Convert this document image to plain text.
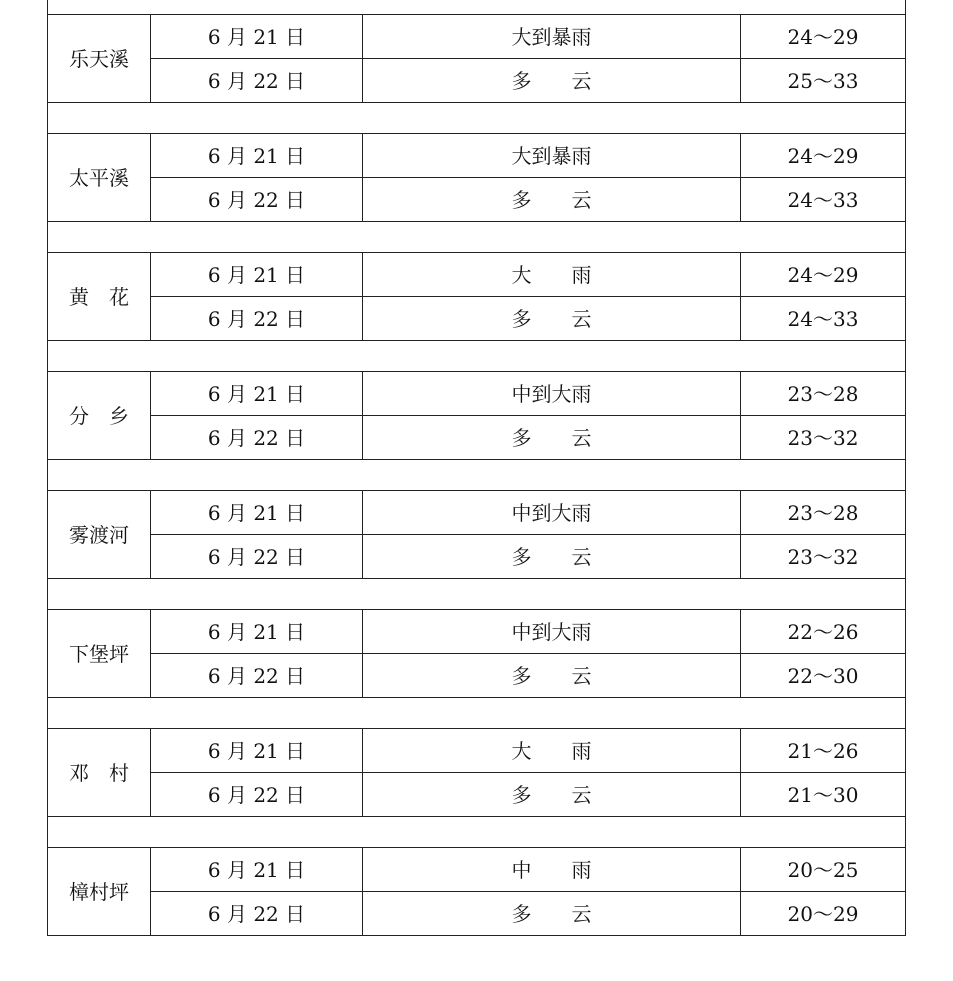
乐天溪	6 月 21 日	大到暴雨	24～29
	6 月 22 日	多　　云	25～33

太平溪	6 月 21 日	大到暴雨	24～29
	6 月 22 日	多　　云	24～33

黄　花	6 月 21 日	大　　雨	24～29
	6 月 22 日	多　　云	24～33

分　乡	6 月 21 日	中到大雨	23～28
	6 月 22 日	多　　云	23～32

雾渡河	6 月 21 日	中到大雨	23～28
	6 月 22 日	多　　云	23～32

下堡坪	6 月 21 日	中到大雨	22～26
	6 月 22 日	多　　云	22～30

邓　村	6 月 21 日	大　　雨	21～26
	6 月 22 日	多　　云	21～30

樟村坪	6 月 21 日	中　　雨	20～25
	6 月 22 日	多　　云	20～29
